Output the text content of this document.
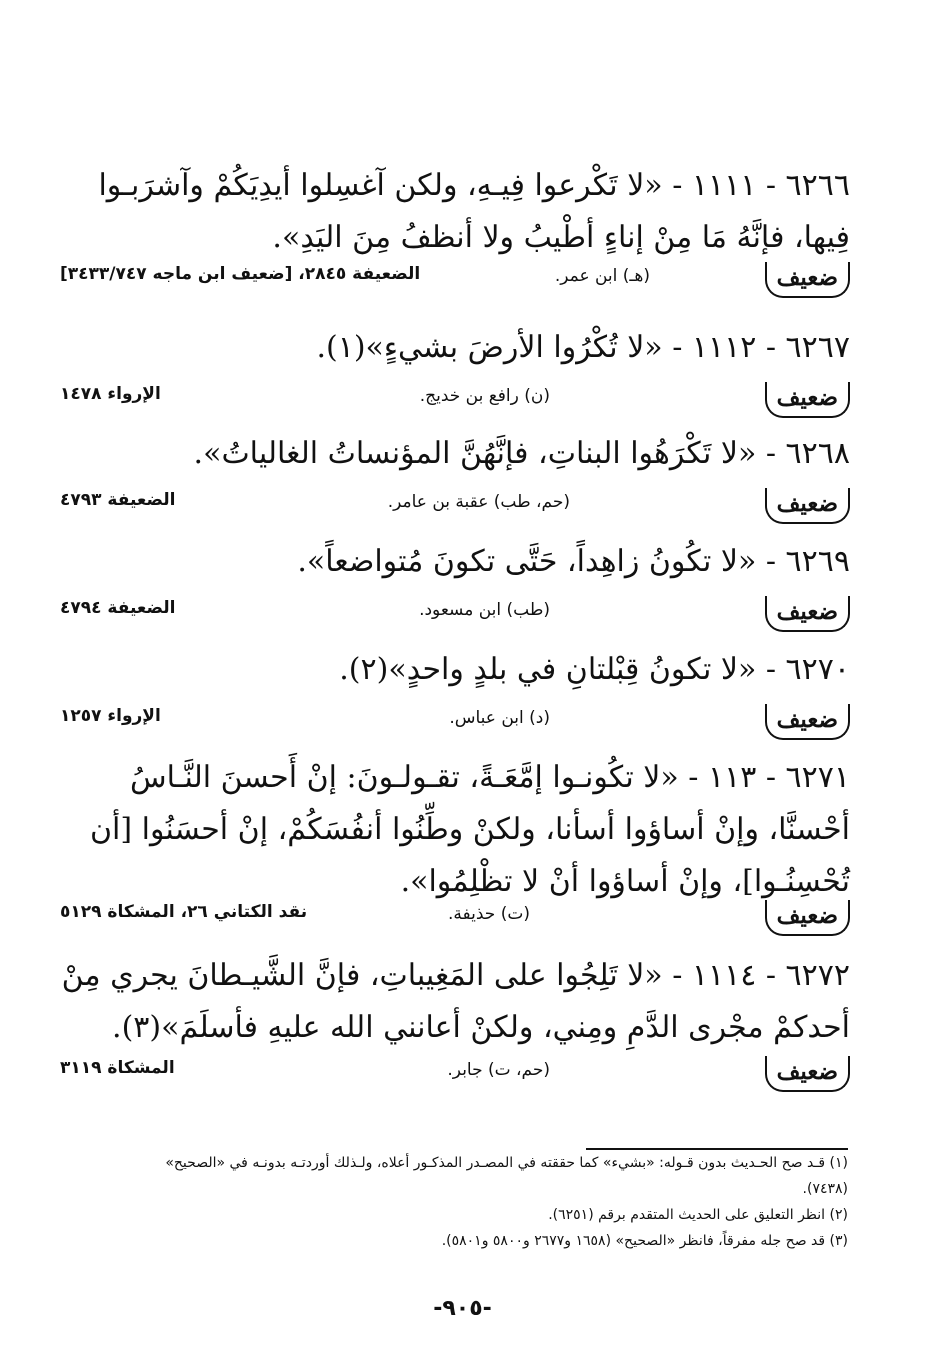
٦٢٦٦ - ١١١١ - «لا تَكْرعوا فِيـهِ، ولكن آغسِلوا أيدِيَكُمْ وآشرَبـوا فِيها، فإنَّهُ مَا مِنْ إناءٍ أطْيبُ ولا أنظفُ مِنَ اليَدِ».
ضعيف
(هـ) ابن عمر.
الضعيفة ٢٨٤٥، [ضعيف ابن ماجه ٣٤٣٣/٧٤٧]
٦٢٦٧ - ١١١٢ - «لا تُكْرُوا الأرضَ بشيءٍ»(١).
ضعيف
(ن) رافع بن خديج.
الإرواء ١٤٧٨
٦٢٦٨ - «لا تَكْرَهُوا البناتِ، فإنَّهُنَّ المؤنساتُ الغالياتُ».
ضعيف
(حم، طب) عقبة بن عامر.
الضعيفة ٤٧٩٣
٦٢٦٩ - «لا تكُونُ زاهِداً، حَتَّى تكونَ مُتواضعاً».
ضعيف
(طب) ابن مسعود.
الضعيفة ٤٧٩٤
٦٢٧٠ - «لا تكونُ قِبْلتانِ في بلدٍ واحدٍ»(٢).
ضعيف
(د) ابن عباس.
الإرواء ١٢٥٧
٦٢٧١ - ١١٣ - «لا تكُونـوا إمَّعَـةً، تقـولـونَ: إنْ أَحسنَ النَّـاسُ أحْسنَّا، وإنْ أساؤوا أسأنا، ولكنْ وطِّنُوا أنفُسَكُمْ، إنْ أحسَنُوا [أن تُحْسِنُـوا]، وإنْ أساؤوا أنْ لا تظْلِمُوا».
ضعيف
(ت) حذيفة.
نقد الكتاني ٢٦، المشكاة ٥١٢٩
٦٢٧٢ - ١١١٤ - «لا تَلِجُوا على المَغِيباتِ، فإنَّ الشَّيـطانَ يجري مِنْ أحدكمْ مجْرى الدَّمِ ومِني، ولكنْ أعانني الله عليهِ فأسلَمَ»(٣).
ضعيف
(حم، ت) جابر.
المشكاة ٣١١٩
(١) قـد صح الحـديث بدون قـوله: «بشيء» كما حققته في المصـدر المذكـور أعلاه، ولـذلك أوردتـه بدونـه في «الصحيح» (٧٤٣٨).
(٢) انظر التعليق على الحديث المتقدم برقم (٦٢٥١).
(٣) قد صح جله مفرقاً، فانظر «الصحيح» (١٦٥٨ و٢٦٧٧ و٥٨٠٠ و٥٨٠١).
-٩٠٥-
